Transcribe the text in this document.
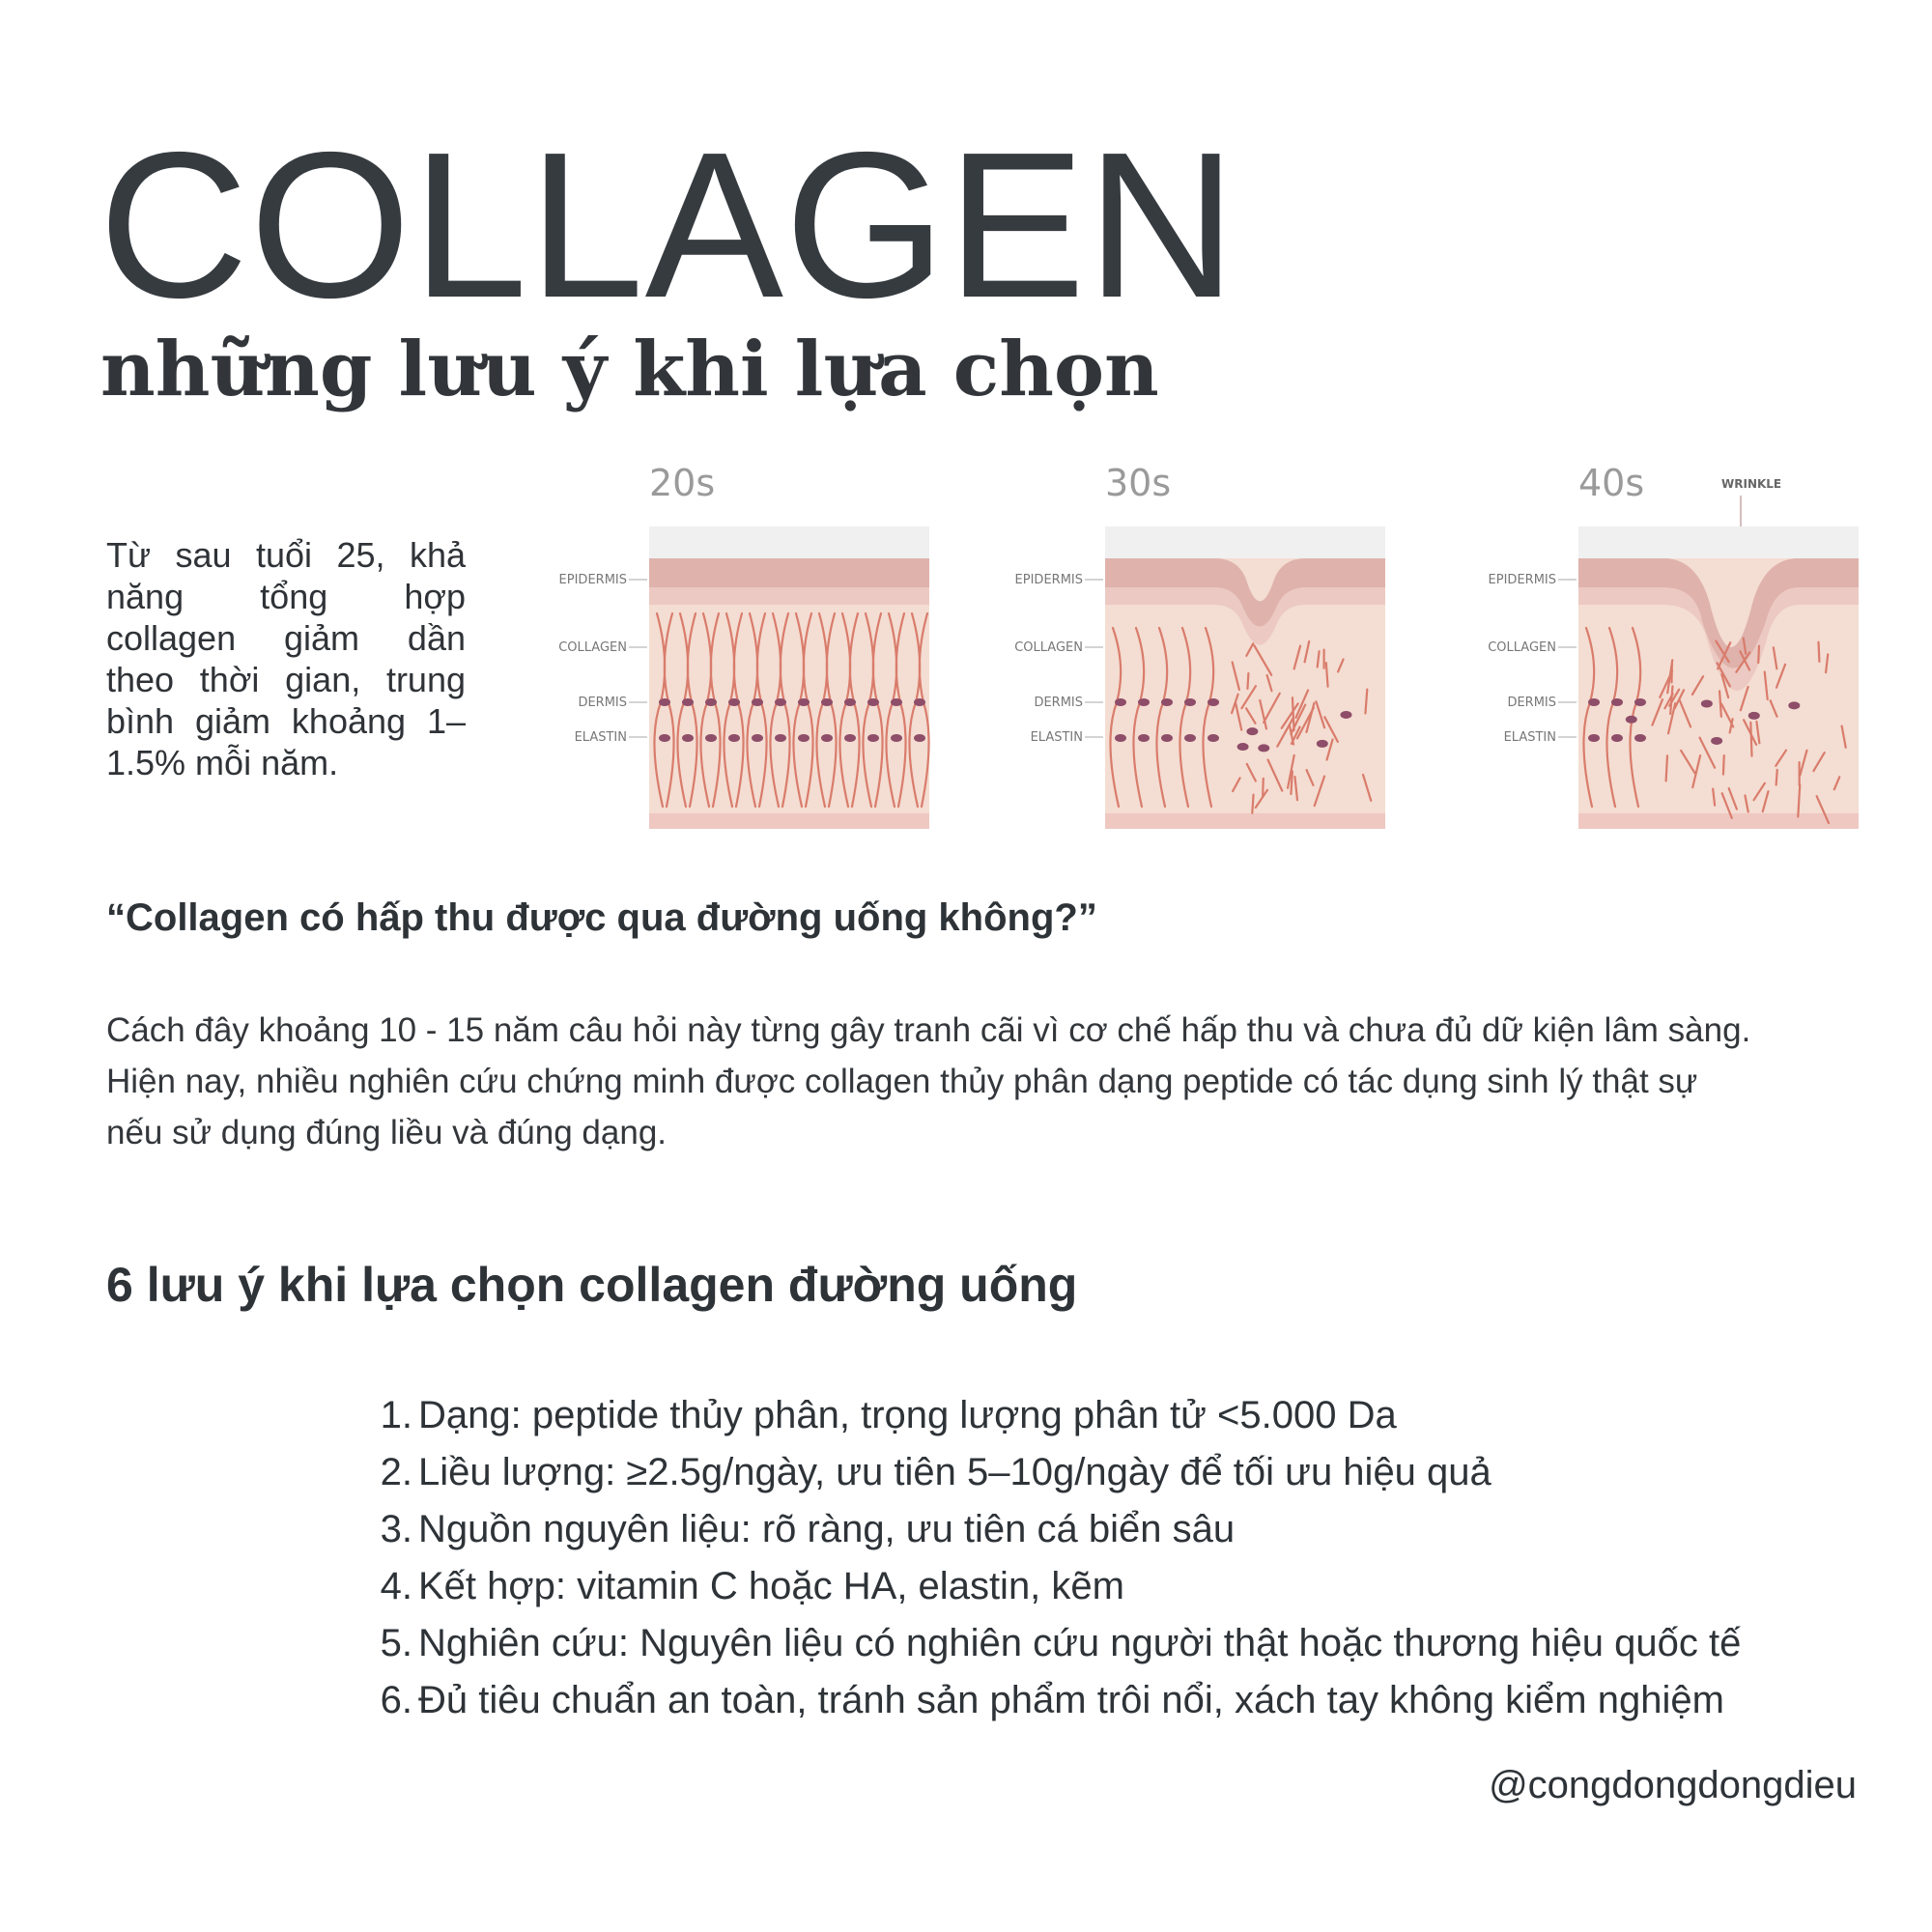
COLLAGEN
những lưu ý khi lựa chọn

Từ sau tuổi 25, khả năng tổng hợp collagen giảm dần theo thời gian, trung bình giảm khoảng 1–1.5% mỗi năm.

20s
EPIDERMIS
COLLAGEN
DERMIS
ELASTIN
30s
EPIDERMIS
COLLAGEN
DERMIS
ELASTIN
40s	WRINKLE
EPIDERMIS
COLLAGEN
DERMIS
ELASTIN

“Collagen có hấp thu được qua đường uống không?”

Cách đây khoảng 10 - 15 năm câu hỏi này từng gây tranh cãi vì cơ chế hấp thu và chưa đủ dữ kiện lâm sàng.
Hiện nay, nhiều nghiên cứu chứng minh được collagen thủy phân dạng peptide có tác dụng sinh lý thật sự
nếu sử dụng đúng liều và đúng dạng.

6 lưu ý khi lựa chọn collagen đường uống
1. Dạng: peptide thủy phân, trọng lượng phân tử <5.000 Da
2. Liều lượng: ≥2.5g/ngày, ưu tiên 5–10g/ngày để tối ưu hiệu quả
3. Nguồn nguyên liệu: rõ ràng, ưu tiên cá biển sâu
4. Kết hợp: vitamin C hoặc HA, elastin, kẽm
5. Nghiên cứu: Nguyên liệu có nghiên cứu người thật hoặc thương hiệu quốc tế
6. Đủ tiêu chuẩn an toàn, tránh sản phẩm trôi nổi, xách tay không kiểm nghiệm

@congdongdongdieu
